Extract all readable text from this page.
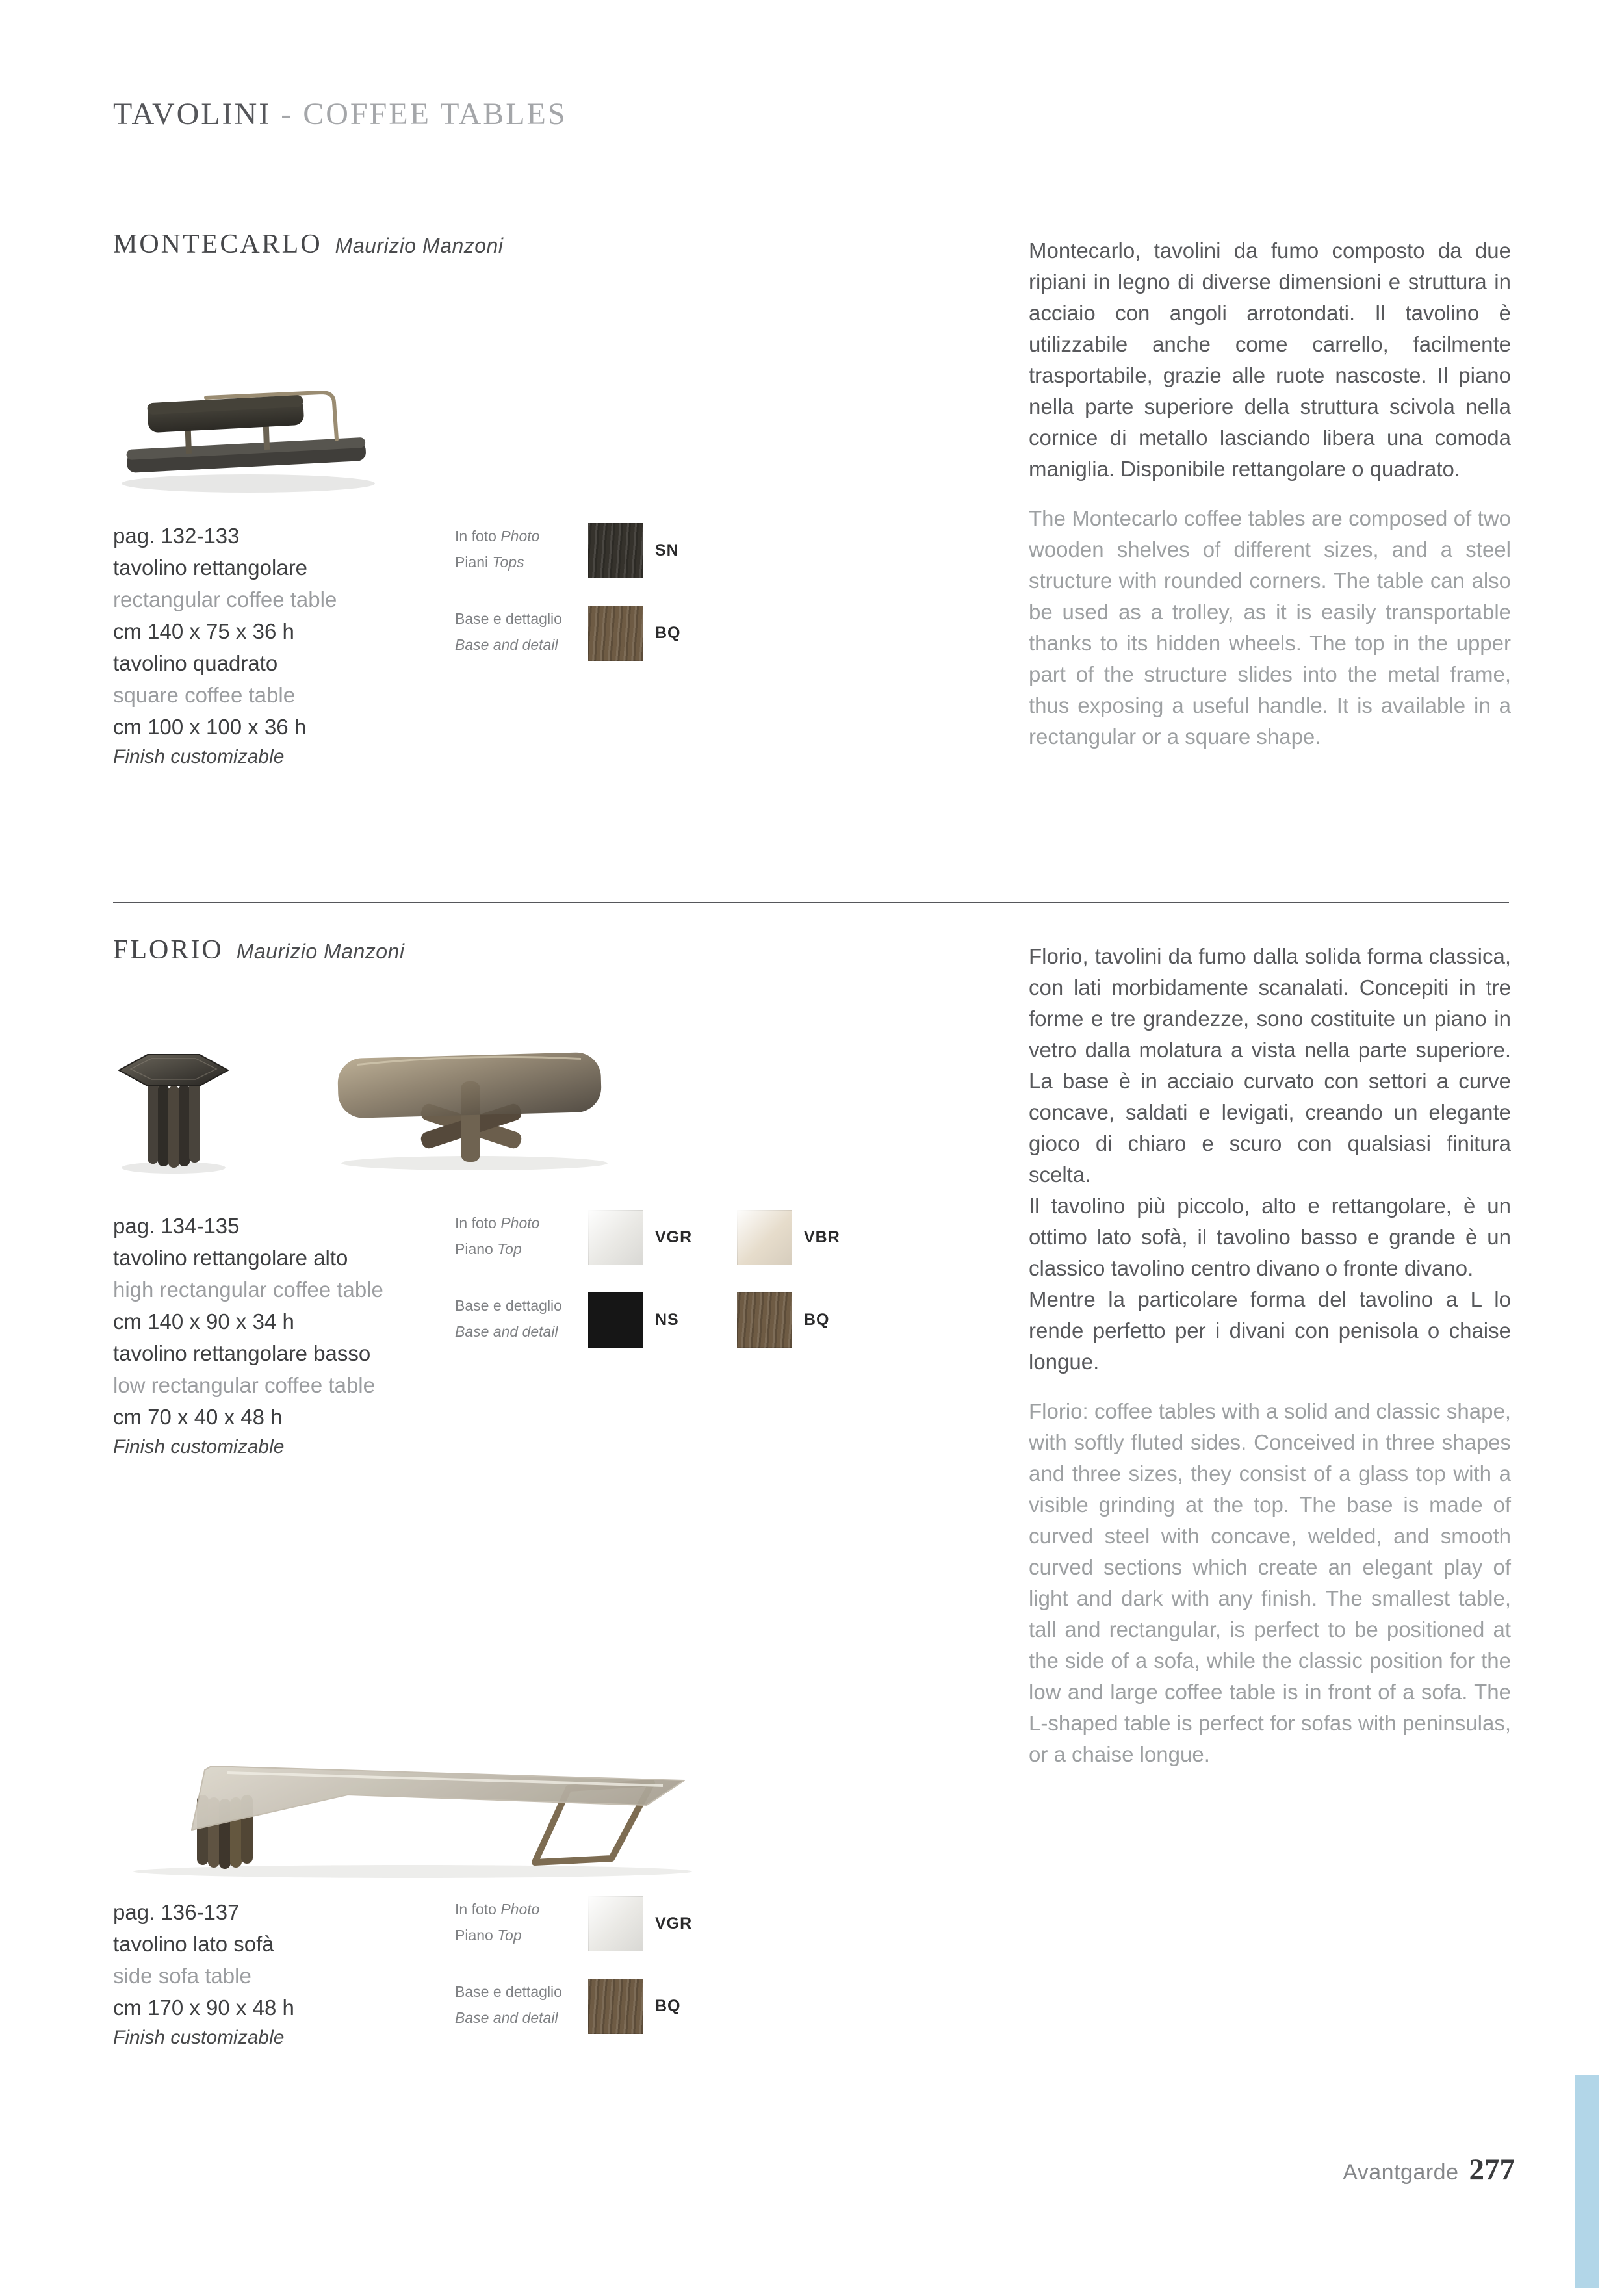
TAVOLINI - COFFEE TABLES
MONTECARLO Maurizio Manzoni

pag. 132-133

tavolino rettangolare

rectangular coffee table

cm 140 x 75 x 36 h

tavolino quadrato

square coffee table

cm 100 x 100 x 36 h

Finish customizable

In foto Photo

Piani Tops

SN

Base e dettaglio

Base and detail

BQ

Montecarlo, tavolini da fumo composto da due ripiani in legno di diverse dimensioni e struttura in acciaio con angoli arrotondati. Il tavolino è utilizzabile anche come carrello, facilmente trasportabile, grazie alle ruote nascoste. Il piano nella parte superiore della struttura scivola nella cornice di metallo lasciando libera una comoda maniglia. Disponibile rettangolare o quadrato.

The Montecarlo coffee tables are composed of two wooden shelves of different sizes, and a steel structure with rounded corners. The table can also be used as a trolley, as it is easily transportable thanks to its hidden wheels. The top in the upper part of the structure slides into the metal frame, thus exposing a useful handle. It is available in a rectangular or a square shape.

FLORIO Maurizio Manzoni

pag. 134-135

tavolino rettangolare alto

high rectangular coffee table

cm 140 x 90 x 34 h

tavolino rettangolare basso

low rectangular coffee table

cm 70 x 40 x 48 h

Finish customizable

In foto Photo

Piano Top

VGR	VBR

Base e dettaglio

Base and detail

NS	BQ

Florio, tavolini da fumo dalla solida forma classica, con lati morbidamente scanalati. Concepiti in tre forme e tre grandezze, sono costituite un piano in vetro dalla molatura a vista nella parte superiore. La base è in acciaio curvato con settori a curve concave, saldati e levigati, creando un elegante gioco di chiaro e scuro con qualsiasi finitura scelta.

Il tavolino più piccolo, alto e rettangolare, è un ottimo lato sofà, il tavolino basso e grande è un classico tavolino centro divano o fronte divano.

Mentre la particolare forma del tavolino a L lo rende perfetto per i divani con penisola o chaise longue.

Florio: coffee tables with a solid and classic shape, with softly fluted sides. Conceived in three shapes and three sizes, they consist of a glass top with a visible grinding at the top. The base is made of curved steel with concave, welded, and smooth curved sections which create an elegant play of light and dark with any finish. The smallest table, tall and rectangular, is perfect to be positioned at the side of a sofa, while the classic position for the low and large coffee table is in front of a sofa. The L-shaped table is perfect for sofas with peninsulas, or a chaise longue.

pag. 136-137

tavolino lato sofà

side sofa table

cm 170 x 90 x 48 h

Finish customizable

In foto Photo

Piano Top

VGR

Base e dettaglio

Base and detail

BQ
Avantgarde 277
